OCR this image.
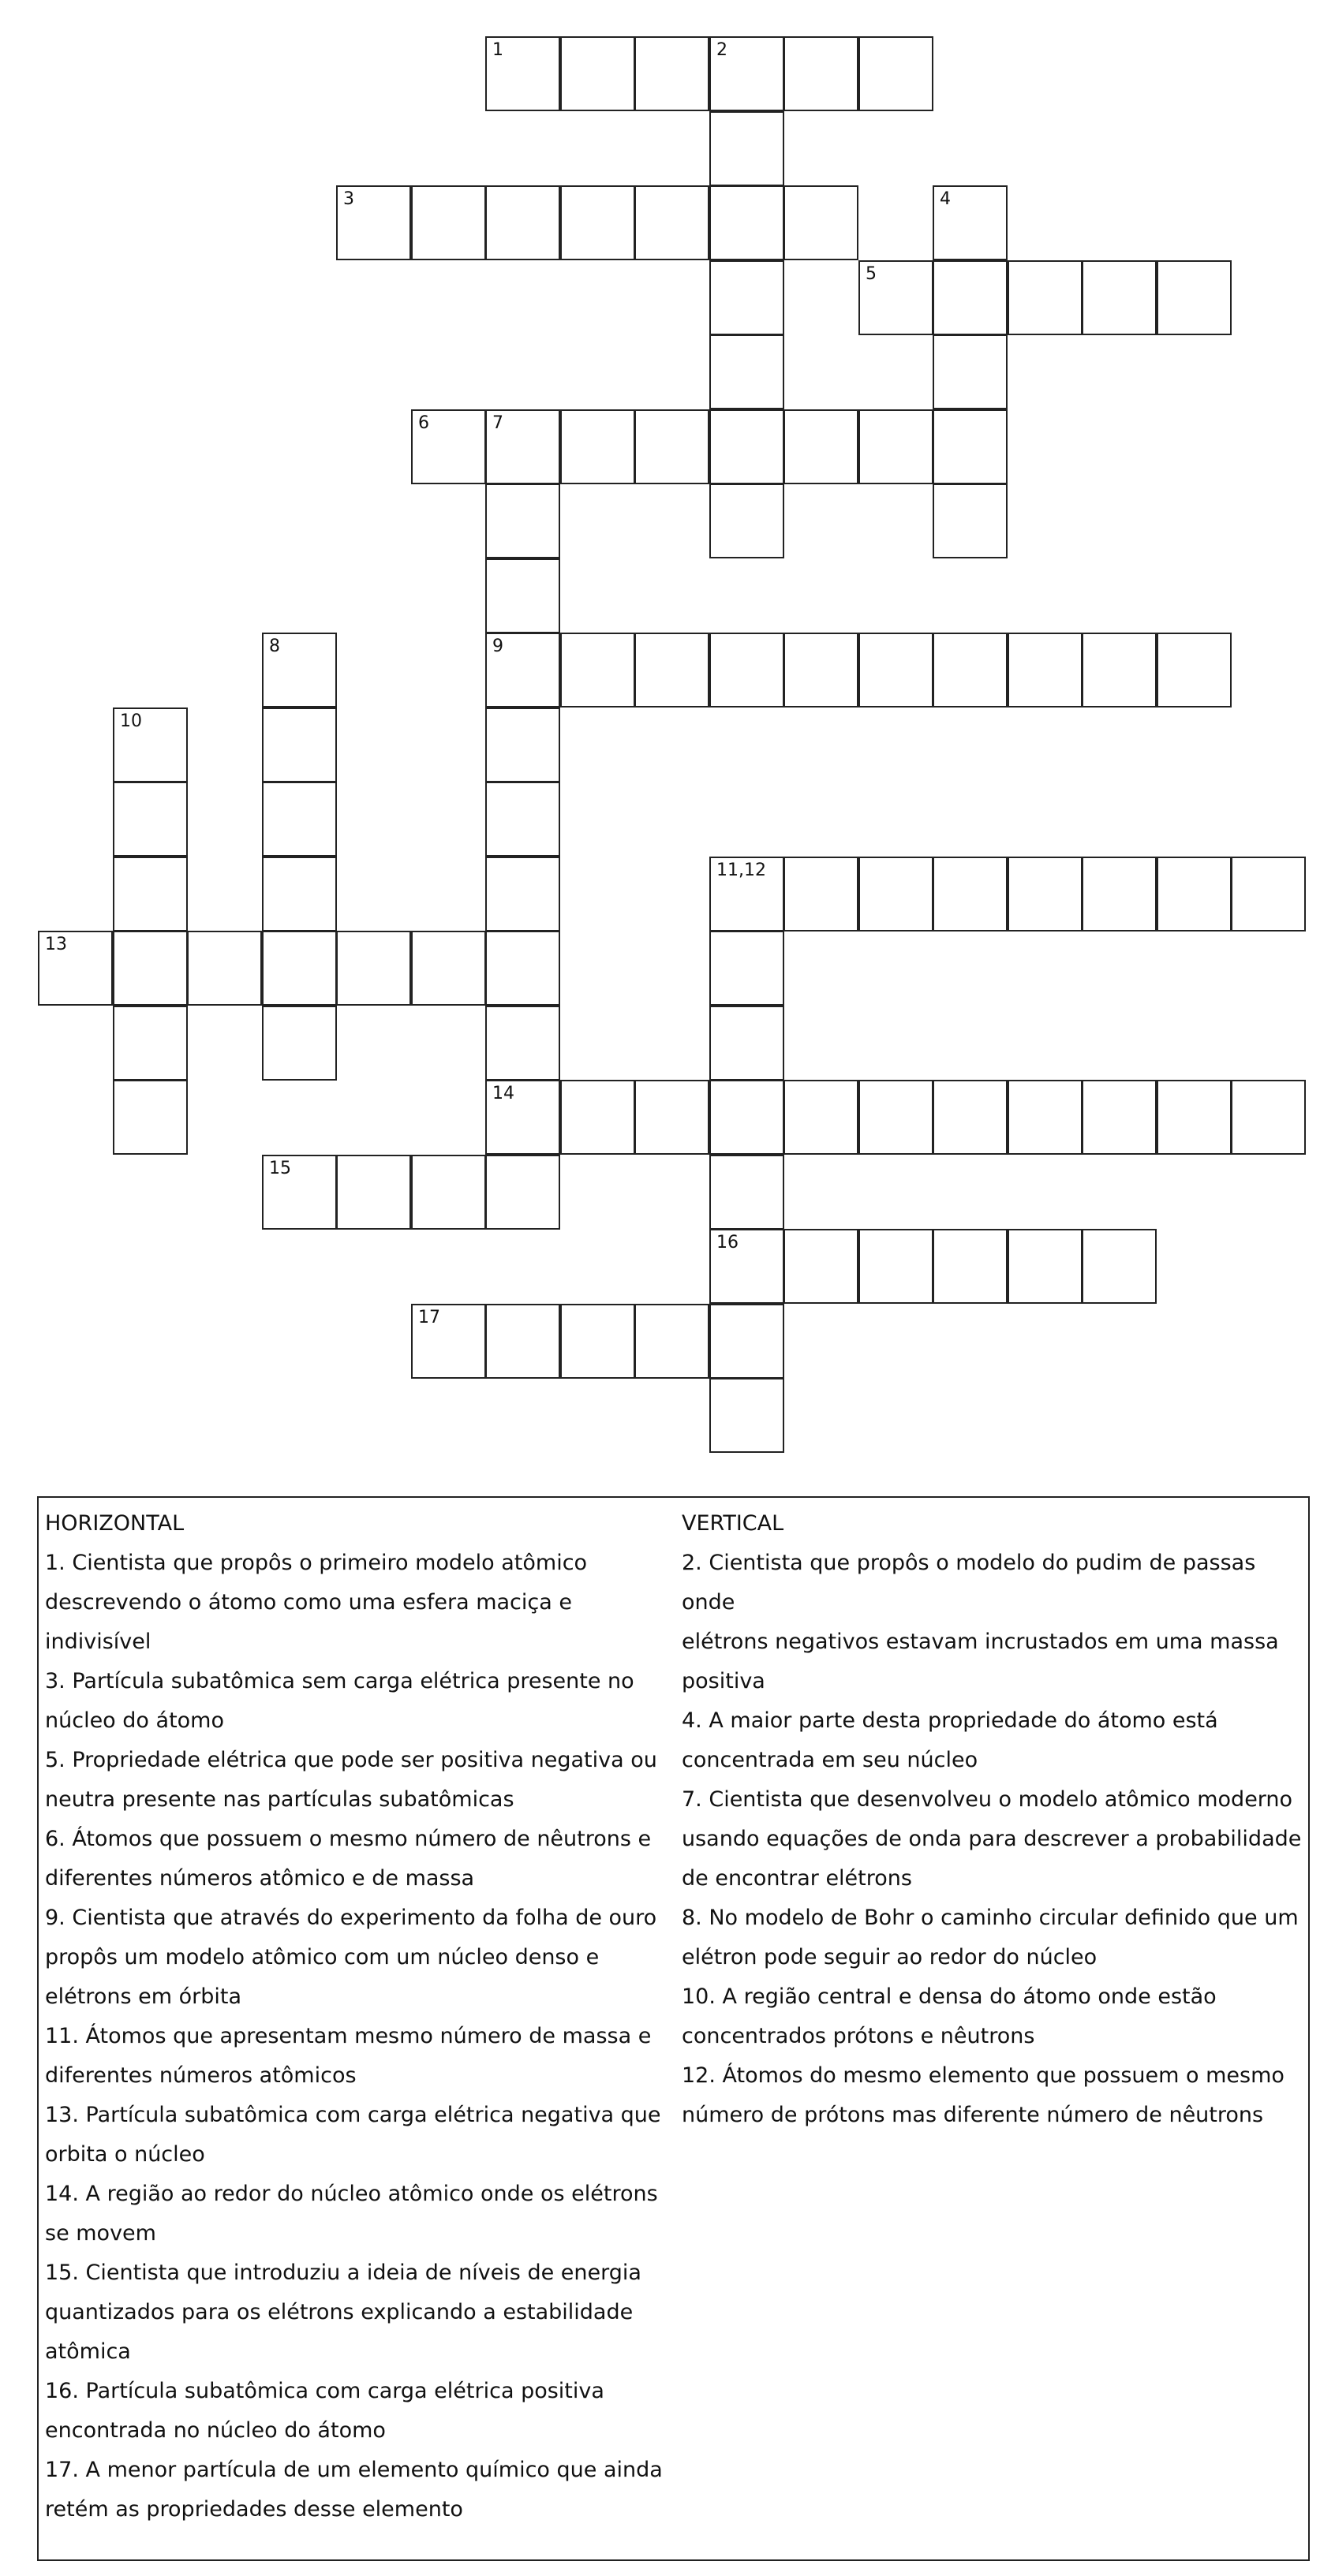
1	2
3	4
5
6	7
8	9
10
11,12
13
14
15
16
17
HORIZONTAL
1. Cientista que propôs o primeiro modelo atômico
descrevendo o átomo como uma esfera maciça e
indivisível
3. Partícula subatômica sem carga elétrica presente no
núcleo do átomo
5. Propriedade elétrica que pode ser positiva negativa ou
neutra presente nas partículas subatômicas
6. Átomos que possuem o mesmo número de nêutrons e
diferentes números atômico e de massa
9. Cientista que através do experimento da folha de ouro
propôs um modelo atômico com um núcleo denso e
elétrons em órbita
11. Átomos que apresentam mesmo número de massa e
diferentes números atômicos
13. Partícula subatômica com carga elétrica negativa que
orbita o núcleo
14. A região ao redor do núcleo atômico onde os elétrons
se movem
15. Cientista que introduziu a ideia de níveis de energia
quantizados para os elétrons explicando a estabilidade
atômica
16. Partícula subatômica com carga elétrica positiva
encontrada no núcleo do átomo
17. A menor partícula de um elemento químico que ainda
retém as propriedades desse elemento
VERTICAL
2. Cientista que propôs o modelo do pudim de passas onde
elétrons negativos estavam incrustados em uma massa
positiva
4. A maior parte desta propriedade do átomo está
concentrada em seu núcleo
7. Cientista que desenvolveu o modelo atômico moderno
usando equações de onda para descrever a probabilidade
de encontrar elétrons
8. No modelo de Bohr o caminho circular definido que um
elétron pode seguir ao redor do núcleo
10. A região central e densa do átomo onde estão
concentrados prótons e nêutrons
12. Átomos do mesmo elemento que possuem o mesmo
número de prótons mas diferente número de nêutrons
